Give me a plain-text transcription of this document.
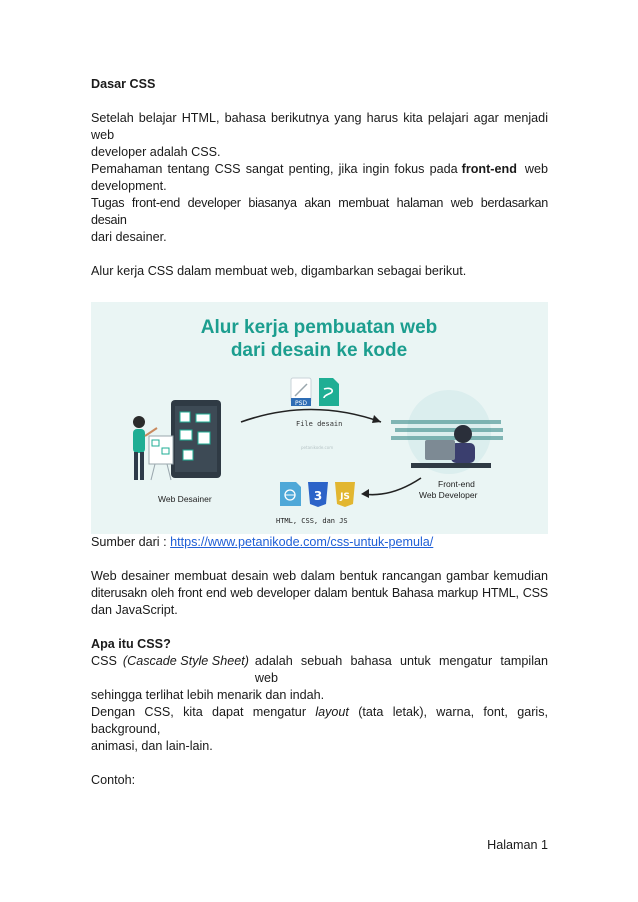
Dasar CSS

Setelah belajar HTML, bahasa berikutnya yang harus kita pelajari agar menjadi web

developer adalah CSS.

Pemahaman tentang CSS sangat penting, jika ingin fokus pada front-end web

development.

Tugas front-end developer biasanya akan membuat halaman web berdasarkan desain

dari desainer.

Alur kerja CSS dalam membuat web, digambarkan sebagai berikut.

Alur kerja pembuatan web
dari desain ke kode
PSD
File desain
petanikode.com
Web Desainer
Front-end
Web Developer
3 JS
HTML, CSS, dan JS

Sumber dari : https://www.petanikode.com/css-untuk-pemula/

Web desainer membuat desain web dalam bentuk rancangan gambar kemudian

diterusakn oleh front end web developer dalam bentuk Bahasa markup HTML, CSS

dan JavaScript.

Apa itu CSS?

CSS (Cascade Style Sheet) adalah sebuah bahasa untuk mengatur tampilan web

sehingga terlihat lebih menarik dan indah.

Dengan CSS, kita dapat mengatur layout (tata letak), warna, font, garis, background,

animasi, dan lain-lain.

Contoh:

Halaman 1
